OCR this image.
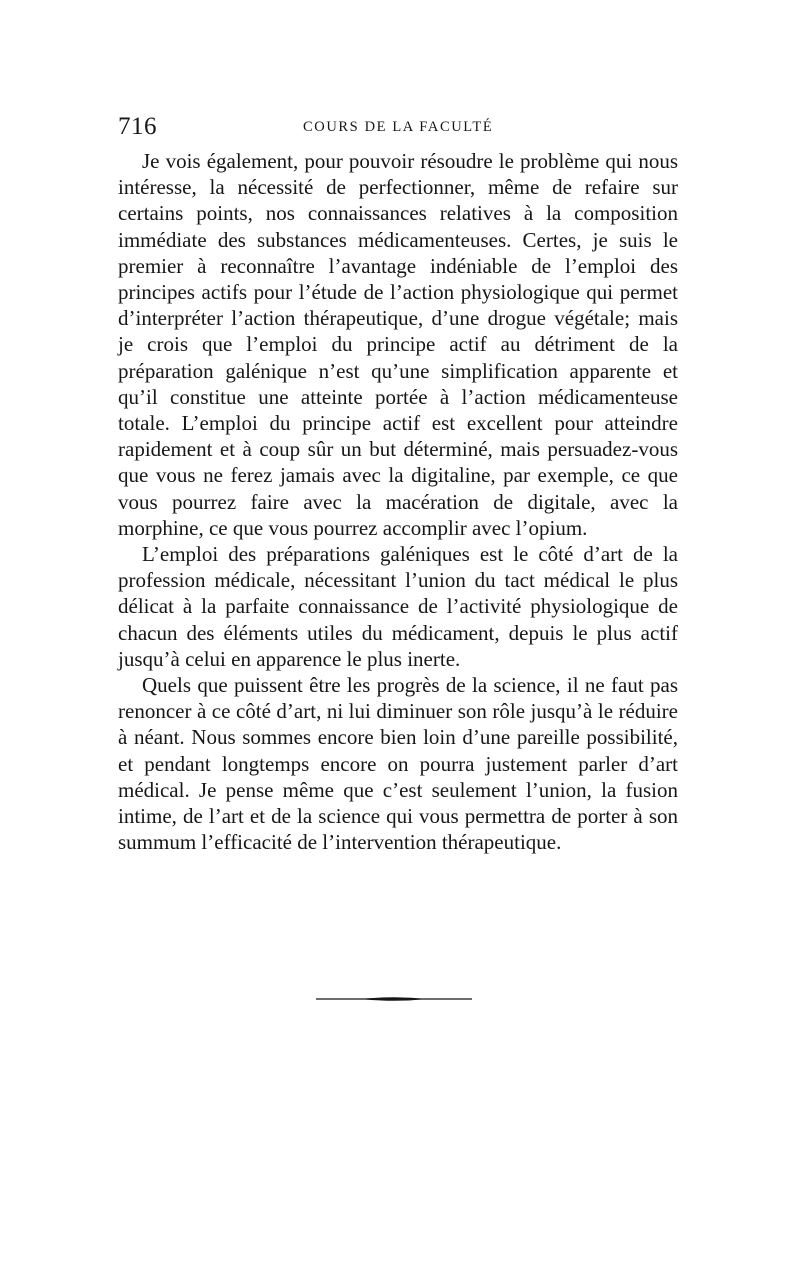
716	COURS DE LA FACULTÉ

Je vois également, pour pouvoir résoudre le problème qui nous intéresse, la nécessité de perfectionner, même de refaire sur certains points, nos connaissances relatives à la composition immédiate des substances médicamenteuses. Certes, je suis le premier à reconnaître l’avantage indéniable de l’emploi des principes actifs pour l’étude de l’action physiologique qui permet d’interpréter l’action thérapeutique, d’une drogue végétale; mais je crois que l’emploi du principe actif au détriment de la préparation galénique n’est qu’une simplification apparente et qu’il constitue une atteinte portée à l’action médicamenteuse totale. L’emploi du principe actif est excellent pour atteindre rapidement et à coup sûr un but déterminé, mais persuadez-vous que vous ne ferez jamais avec la digitaline, par exemple, ce que vous pourrez faire avec la macération de digitale, avec la morphine, ce que vous pourrez accomplir avec l’opium.

L’emploi des préparations galéniques est le côté d’art de la profession médicale, nécessitant l’union du tact médical le plus délicat à la parfaite connaissance de l’activité physiologique de chacun des éléments utiles du médicament, depuis le plus actif jusqu’à celui en apparence le plus inerte.

Quels que puissent être les progrès de la science, il ne faut pas renoncer à ce côté d’art, ni lui diminuer son rôle jusqu’à le réduire à néant. Nous sommes encore bien loin d’une pareille possibilité, et pendant longtemps encore on pourra justement parler d’art médical. Je pense même que c’est seulement l’union, la fusion intime, de l’art et de la science qui vous permettra de porter à son summum l’efficacité de l’intervention thérapeutique.
